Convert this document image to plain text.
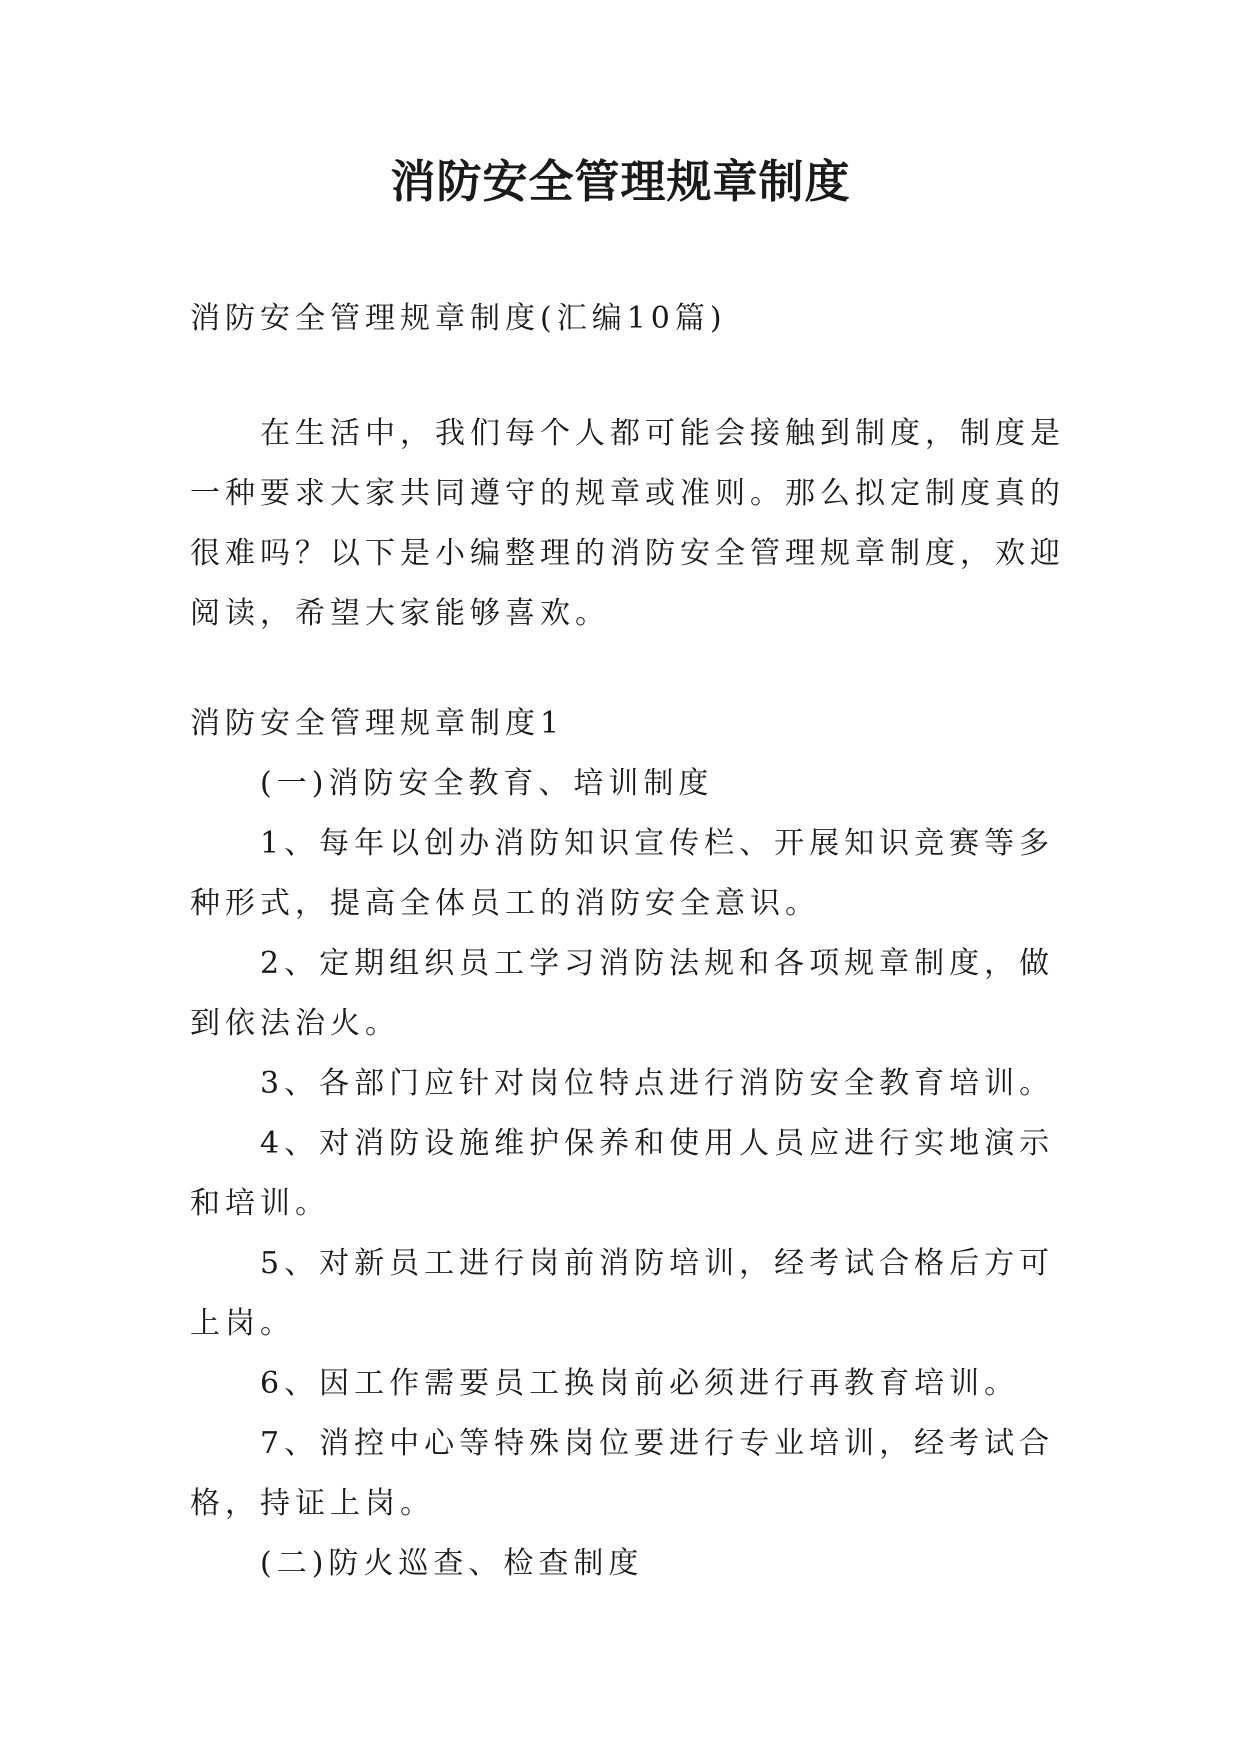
消防安全管理规章制度

消防安全管理规章制度(汇编10篇)

在生活中，我们每个人都可能会接触到制度，制度是一种要求大家共同遵守的规章或准则。那么拟定制度真的很难吗？以下是小编整理的消防安全管理规章制度，欢迎阅读，希望大家能够喜欢。

消防安全管理规章制度1

(一)消防安全教育、培训制度

1、每年以创办消防知识宣传栏、开展知识竞赛等多种形式，提高全体员工的消防安全意识。

2、定期组织员工学习消防法规和各项规章制度，做到依法治火。

3、各部门应针对岗位特点进行消防安全教育培训。

4、对消防设施维护保养和使用人员应进行实地演示和培训。

5、对新员工进行岗前消防培训，经考试合格后方可上岗。

6、因工作需要员工换岗前必须进行再教育培训。

7、消控中心等特殊岗位要进行专业培训，经考试合格，持证上岗。

(二)防火巡查、检查制度
